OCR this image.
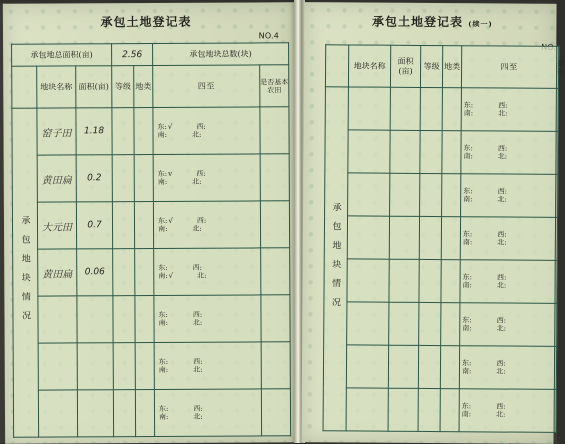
承包土地登记表
NO.4
承包地总面积(亩)			2.56		承包地块总数(块)	
	地块名称	面积(亩)	等级	地类	四至	是否基本农田
承包地块情况	窑子田	1.18			东:√ 西:
南: 北:	

	黄田扁	0.2			东:v 西:
南: 北:	

	大元田	0.7			东:√ 西:
南: 北:	

	黄田扁	0.06			东: 西:
南:√ 北:	

					东: 西:
南: 北:	

					东: 西:
南: 北:	

					东: 西:
南: 北:	

承包土地登记表 (续一)
	地块名称	面积(亩)	等级	地类	四至	是否
承包地块情况					东: 西:
南: 北:	

					东: 西:
南: 北:	

					东: 西:
南: 北:	

					东: 西:
南: 北:	

					东: 西:
南: 北:	

					东: 西:
南: 北:	

					东: 西:
南: 北:	

					东: 西:
南: 北:	
